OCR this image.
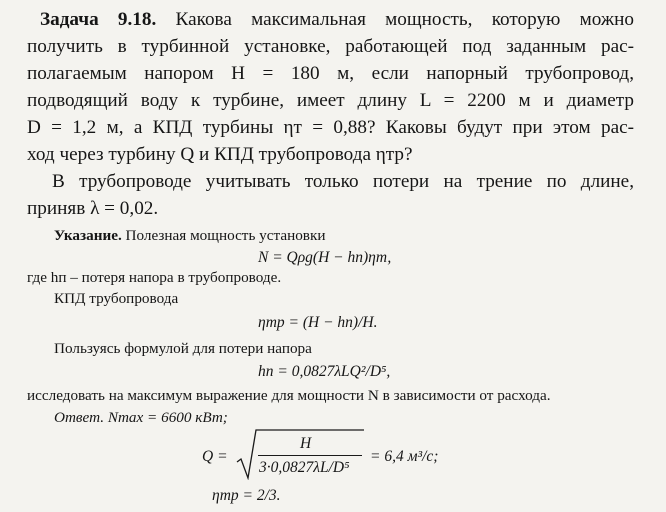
Задача 9.18. Какова максимальная мощность, которую можно
получить в турбинной установке, работающей под заданным рас-
полагаемым напором H = 180 м, если напорный трубопровод,
подводящий воду к турбине, имеет длину L = 2200 м и диаметр
D = 1,2 м, а КПД турбины ηт = 0,88? Каковы будут при этом рас-
ход через турбину Q и КПД трубопровода ηтр?
В трубопроводе учитывать только потери на трение по длине,
приняв λ = 0,02.
Указание. Полезная мощность установки
N = Qρg(H − hп)ηт,
где hп – потеря напора в трубопроводе.
КПД трубопровода
ηтр = (H − hп)/H.
Пользуясь формулой для потери напора
hп = 0,0827λLQ²/D⁵,
исследовать на максимум выражение для мощности N в зависимости от расхода.
Ответ. Nmax = 6600 кВт;
Q =
H
3·0,0827λL/D⁵
= 6,4 м³/с;
ηтр = 2/3.
